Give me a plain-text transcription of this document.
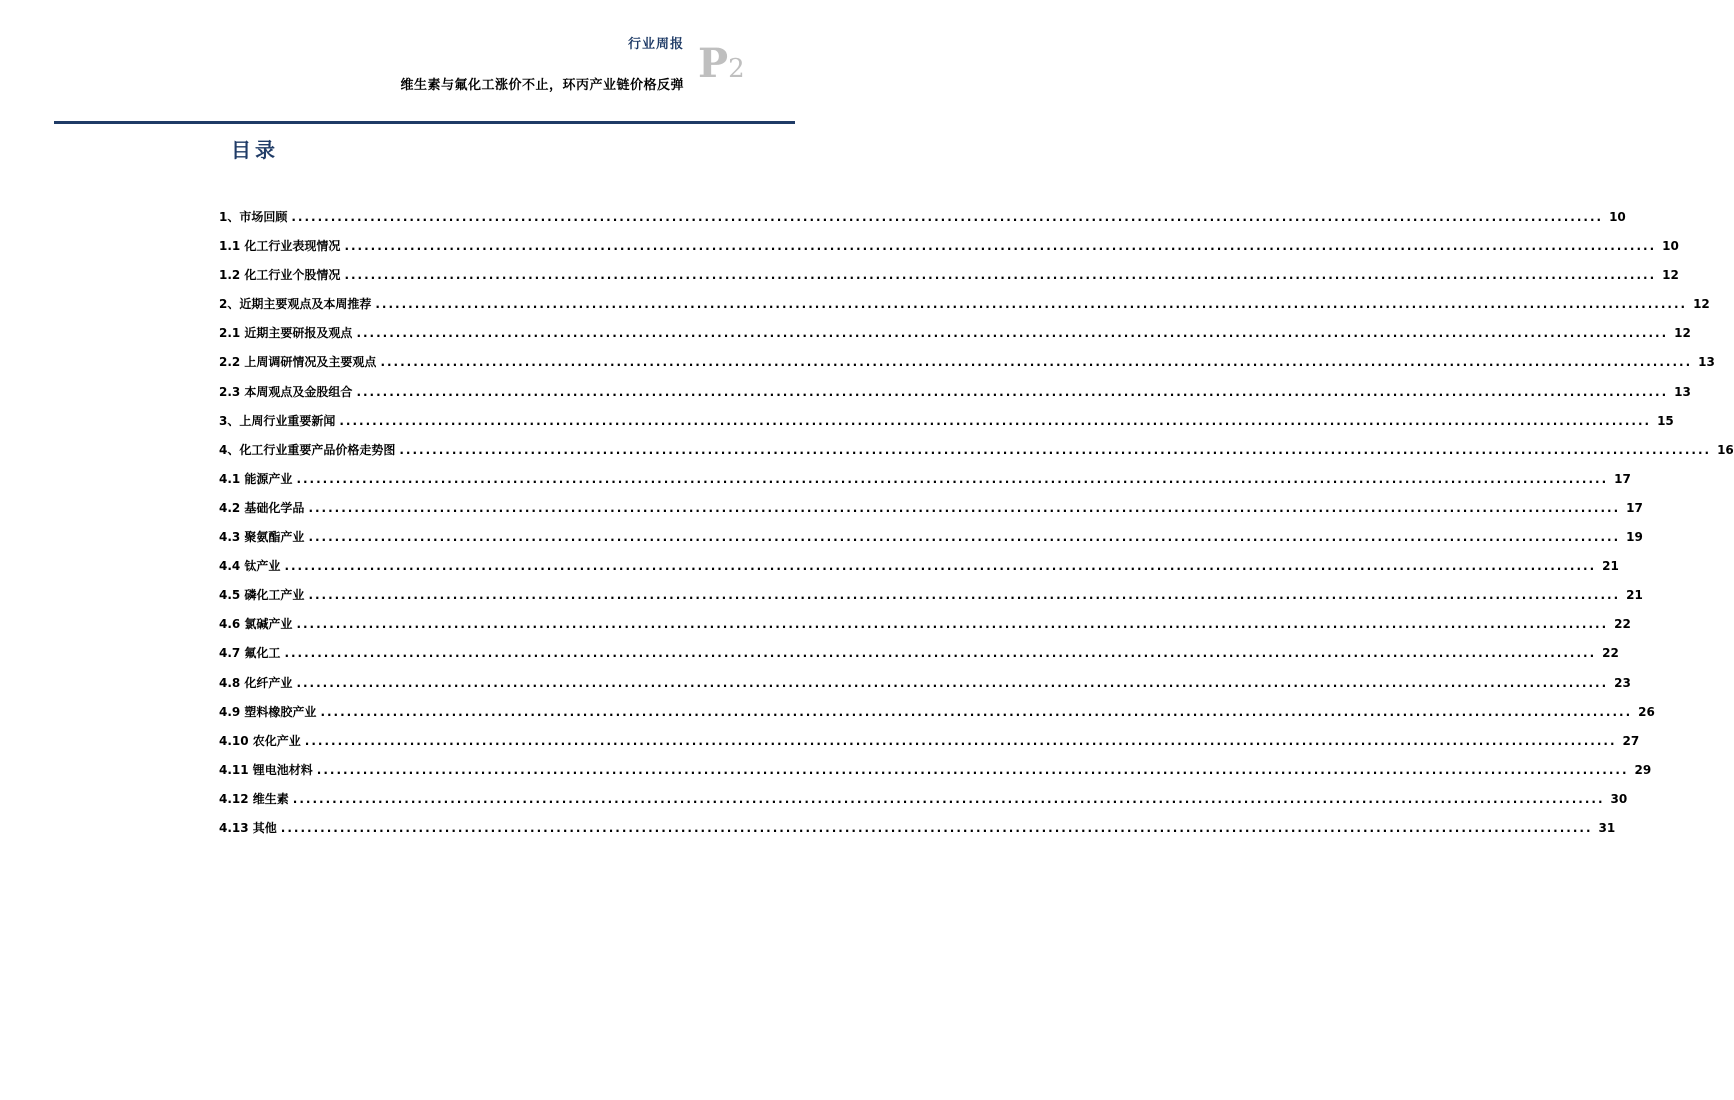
行业周报
维生素与氟化工涨价不止，环丙产业链价格反弹 P2
目录
1、市场回顾 ........................................................................................................................................................................................................ 10
1.1 化工行业表现情况 ........................................................................................................................................................................................................ 10
1.2 化工行业个股情况 ........................................................................................................................................................................................................ 12
2、近期主要观点及本周推荐 ........................................................................................................................................................................................................ 12
2.1 近期主要研报及观点 ........................................................................................................................................................................................................ 12
2.2 上周调研情况及主要观点 ........................................................................................................................................................................................................ 13
2.3 本周观点及金股组合 ........................................................................................................................................................................................................ 13
3、上周行业重要新闻 ........................................................................................................................................................................................................ 15
4、化工行业重要产品价格走势图 ........................................................................................................................................................................................................ 16
4.1 能源产业 ........................................................................................................................................................................................................ 17
4.2 基础化学品 ........................................................................................................................................................................................................ 17
4.3 聚氨酯产业 ........................................................................................................................................................................................................ 19
4.4 钛产业 ........................................................................................................................................................................................................ 21
4.5 磷化工产业 ........................................................................................................................................................................................................ 21
4.6 氯碱产业 ........................................................................................................................................................................................................ 22
4.7 氟化工 ........................................................................................................................................................................................................ 22
4.8 化纤产业 ........................................................................................................................................................................................................ 23
4.9 塑料橡胶产业 ........................................................................................................................................................................................................ 26
4.10 农化产业 ........................................................................................................................................................................................................ 27
4.11 锂电池材料 ........................................................................................................................................................................................................ 29
4.12 维生素 ........................................................................................................................................................................................................ 30
4.13 其他 ........................................................................................................................................................................................................ 31
